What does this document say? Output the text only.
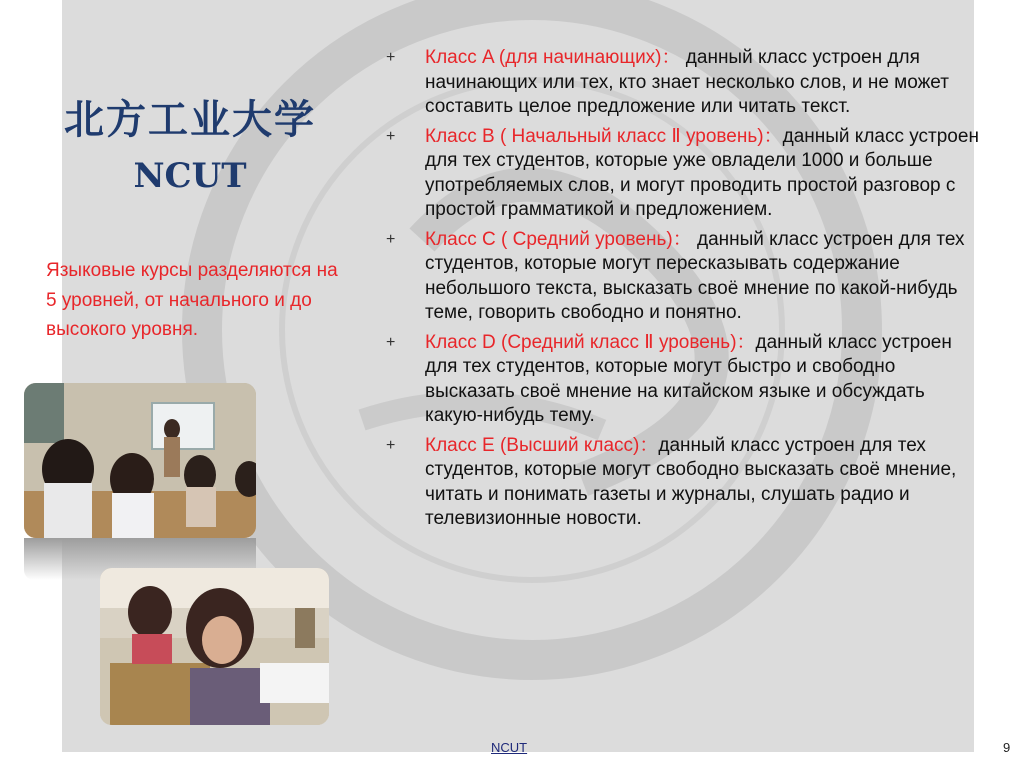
北方工业大学
NCUT
Языковые курсы разделяются на 5 уровней, от начального и до высокого уровня.
+ Класс A (для начинающих)： данный класс устроен для начинающих или тех, кто знает несколько слов, и не может составить целое предложение или читать текст.
+ Класс B ( Начальный класс Ⅱ уровень)：данный класс устроен для тех студентов, которые уже овладели 1000 и больше употребляемых слов, и могут проводить простой разговор с простой грамматикой и предложением.
+ Класс C ( Средний уровень)： данный класс устроен для тех студентов, которые могут пересказывать содержание небольшого текста, высказать своё мнение по какой-нибудь теме, говорить свободно и понятно.
+ Класс D (Средний класс Ⅱ уровень)：данный класс устроен для тех студентов, которые могут быстро и свободно высказать своё мнение на китайском языке и обсуждать какую-нибудь тему.
+ Класс E (Высший класс)：данный класс устроен для тех студентов, которые могут свободно высказать своё мнение, читать и понимать газеты и журналы, слушать радио и телевизионные новости.
NCUT	9
